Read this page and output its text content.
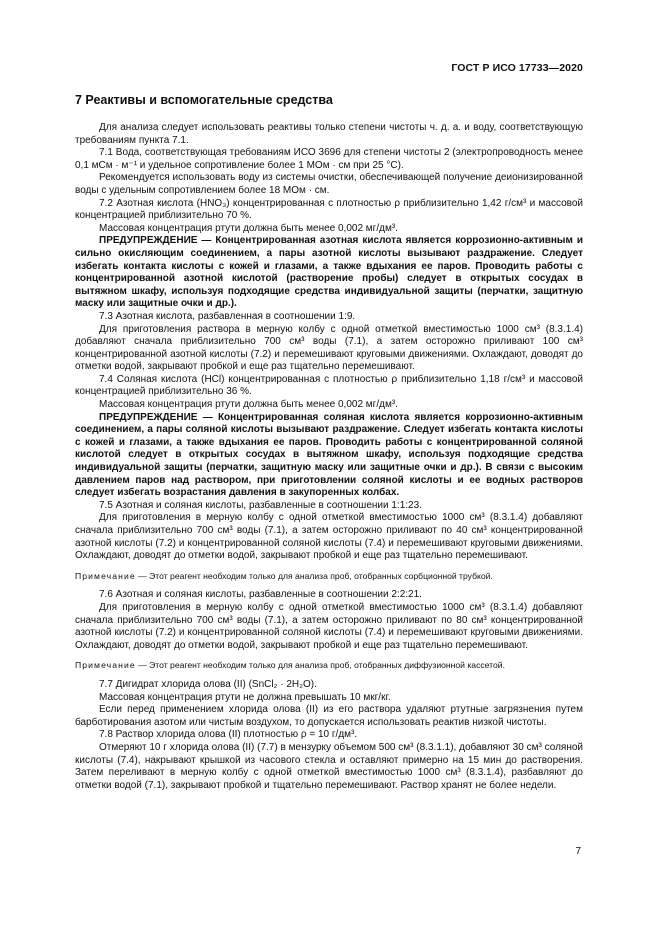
ГОСТ Р ИСО 17733—2020
7 Реактивы и вспомогательные средства

Для анализа следует использовать реактивы только степени чистоты ч. д. а. и воду, соответствующую требованиям пункта 7.1.

7.1 Вода, соответствующая требованиям ИСО 3696 для степени чистоты 2 (электропроводность менее 0,1 мСм · м⁻¹ и удельное сопротивление более 1 МОм · см при 25 °С).

Рекомендуется использовать воду из системы очистки, обеспечивающей получение деионизированной воды с удельным сопротивлением более 18 МОм · см.

7.2 Азотная кислота (HNO₃) концентрированная с плотностью ρ приблизительно 1,42 г/см³ и массовой концентрацией приблизительно 70 %.

Массовая концентрация ртути должна быть менее 0,002 мг/дм³.

ПРЕДУПРЕЖДЕНИЕ — Концентрированная азотная кислота является коррозионно-активным и сильно окисляющим соединением, а пары азотной кислоты вызывают раздражение. Следует избегать контакта кислоты с кожей и глазами, а также вдыхания ее паров. Проводить работы с концентрированной азотной кислотой (растворение пробы) следует в открытых сосудах в вытяжном шкафу, используя подходящие средства индивидуальной защиты (перчатки, защитную маску или защитные очки и др.).

7.3 Азотная кислота, разбавленная в соотношении 1:9.

Для приготовления раствора в мерную колбу с одной отметкой вместимостью 1000 см³ (8.3.1.4) добавляют сначала приблизительно 700 см³ воды (7.1), а затем осторожно приливают 100 см³ концентрированной азотной кислоты (7.2) и перемешивают круговыми движениями. Охлаждают, доводят до отметки водой, закрывают пробкой и еще раз тщательно перемешивают.

7.4 Соляная кислота (HCl) концентрированная с плотностью ρ приблизительно 1,18 г/см³ и массовой концентрацией приблизительно 36 %.

Массовая концентрация ртути должна быть менее 0,002 мг/дм³.

ПРЕДУПРЕЖДЕНИЕ — Концентрированная соляная кислота является коррозионно-активным соединением, а пары соляной кислоты вызывают раздражение. Следует избегать контакта кислоты с кожей и глазами, а также вдыхания ее паров. Проводить работы с концентрированной соляной кислотой следует в открытых сосудах в вытяжном шкафу, используя подходящие средства индивидуальной защиты (перчатки, защитную маску или защитные очки и др.). В связи с высоким давлением паров над раствором, при приготовлении соляной кислоты и ее водных растворов следует избегать возрастания давления в закупоренных колбах.

7.5 Азотная и соляная кислоты, разбавленные в соотношении 1:1:23.

Для приготовления в мерную колбу с одной отметкой вместимостью 1000 см³ (8.3.1.4) добавляют сначала приблизительно 700 см³ воды (7.1), а затем осторожно приливают по 40 см³ концентрированной азотной кислоты (7.2) и концентрированной соляной кислоты (7.4) и перемешивают круговыми движениями. Охлаждают, доводят до отметки водой, закрывают пробкой и еще раз тщательно перемешивают.

Примечание — Этот реагент необходим только для анализа проб, отобранных сорбционной трубкой.

7.6 Азотная и соляная кислоты, разбавленные в соотношении 2:2:21.

Для приготовления в мерную колбу с одной отметкой вместимостью 1000 см³ (8.3.1.4) добавляют сначала приблизительно 700 см³ воды (7.1), а затем осторожно приливают по 80 см³ концентрированной азотной кислоты (7.2) и концентрированной соляной кислоты (7.4) и перемешивают круговыми движениями. Охлаждают, доводят до отметки водой, закрывают пробкой и еще раз тщательно перемешивают.

Примечание — Этот реагент необходим только для анализа проб, отобранных диффузионной кассетой.

7.7 Дигидрат хлорида олова (II) (SnCl₂ · 2H₂O).

Массовая концентрация ртути не должна превышать 10 мкг/кг.

Если перед применением хлорида олова (II) из его раствора удаляют ртутные загрязнения путем барботирования азотом или чистым воздухом, то допускается использовать реактив низкой чистоты.

7.8 Раствор хлорида олова (II) плотностью ρ = 10 г/дм³.

Отмеряют 10 г хлорида олова (II) (7.7) в мензурку объемом 500 см³ (8.3.1.1), добавляют 30 см³ соляной кислоты (7.4), накрывают крышкой из часового стекла и оставляют примерно на 15 мин до растворения. Затем переливают в мерную колбу с одной отметкой вместимостью 1000 см³ (8.3.1.4), разбавляют до отметки водой (7.1), закрывают пробкой и тщательно перемешивают. Раствор хранят не более недели.

7
